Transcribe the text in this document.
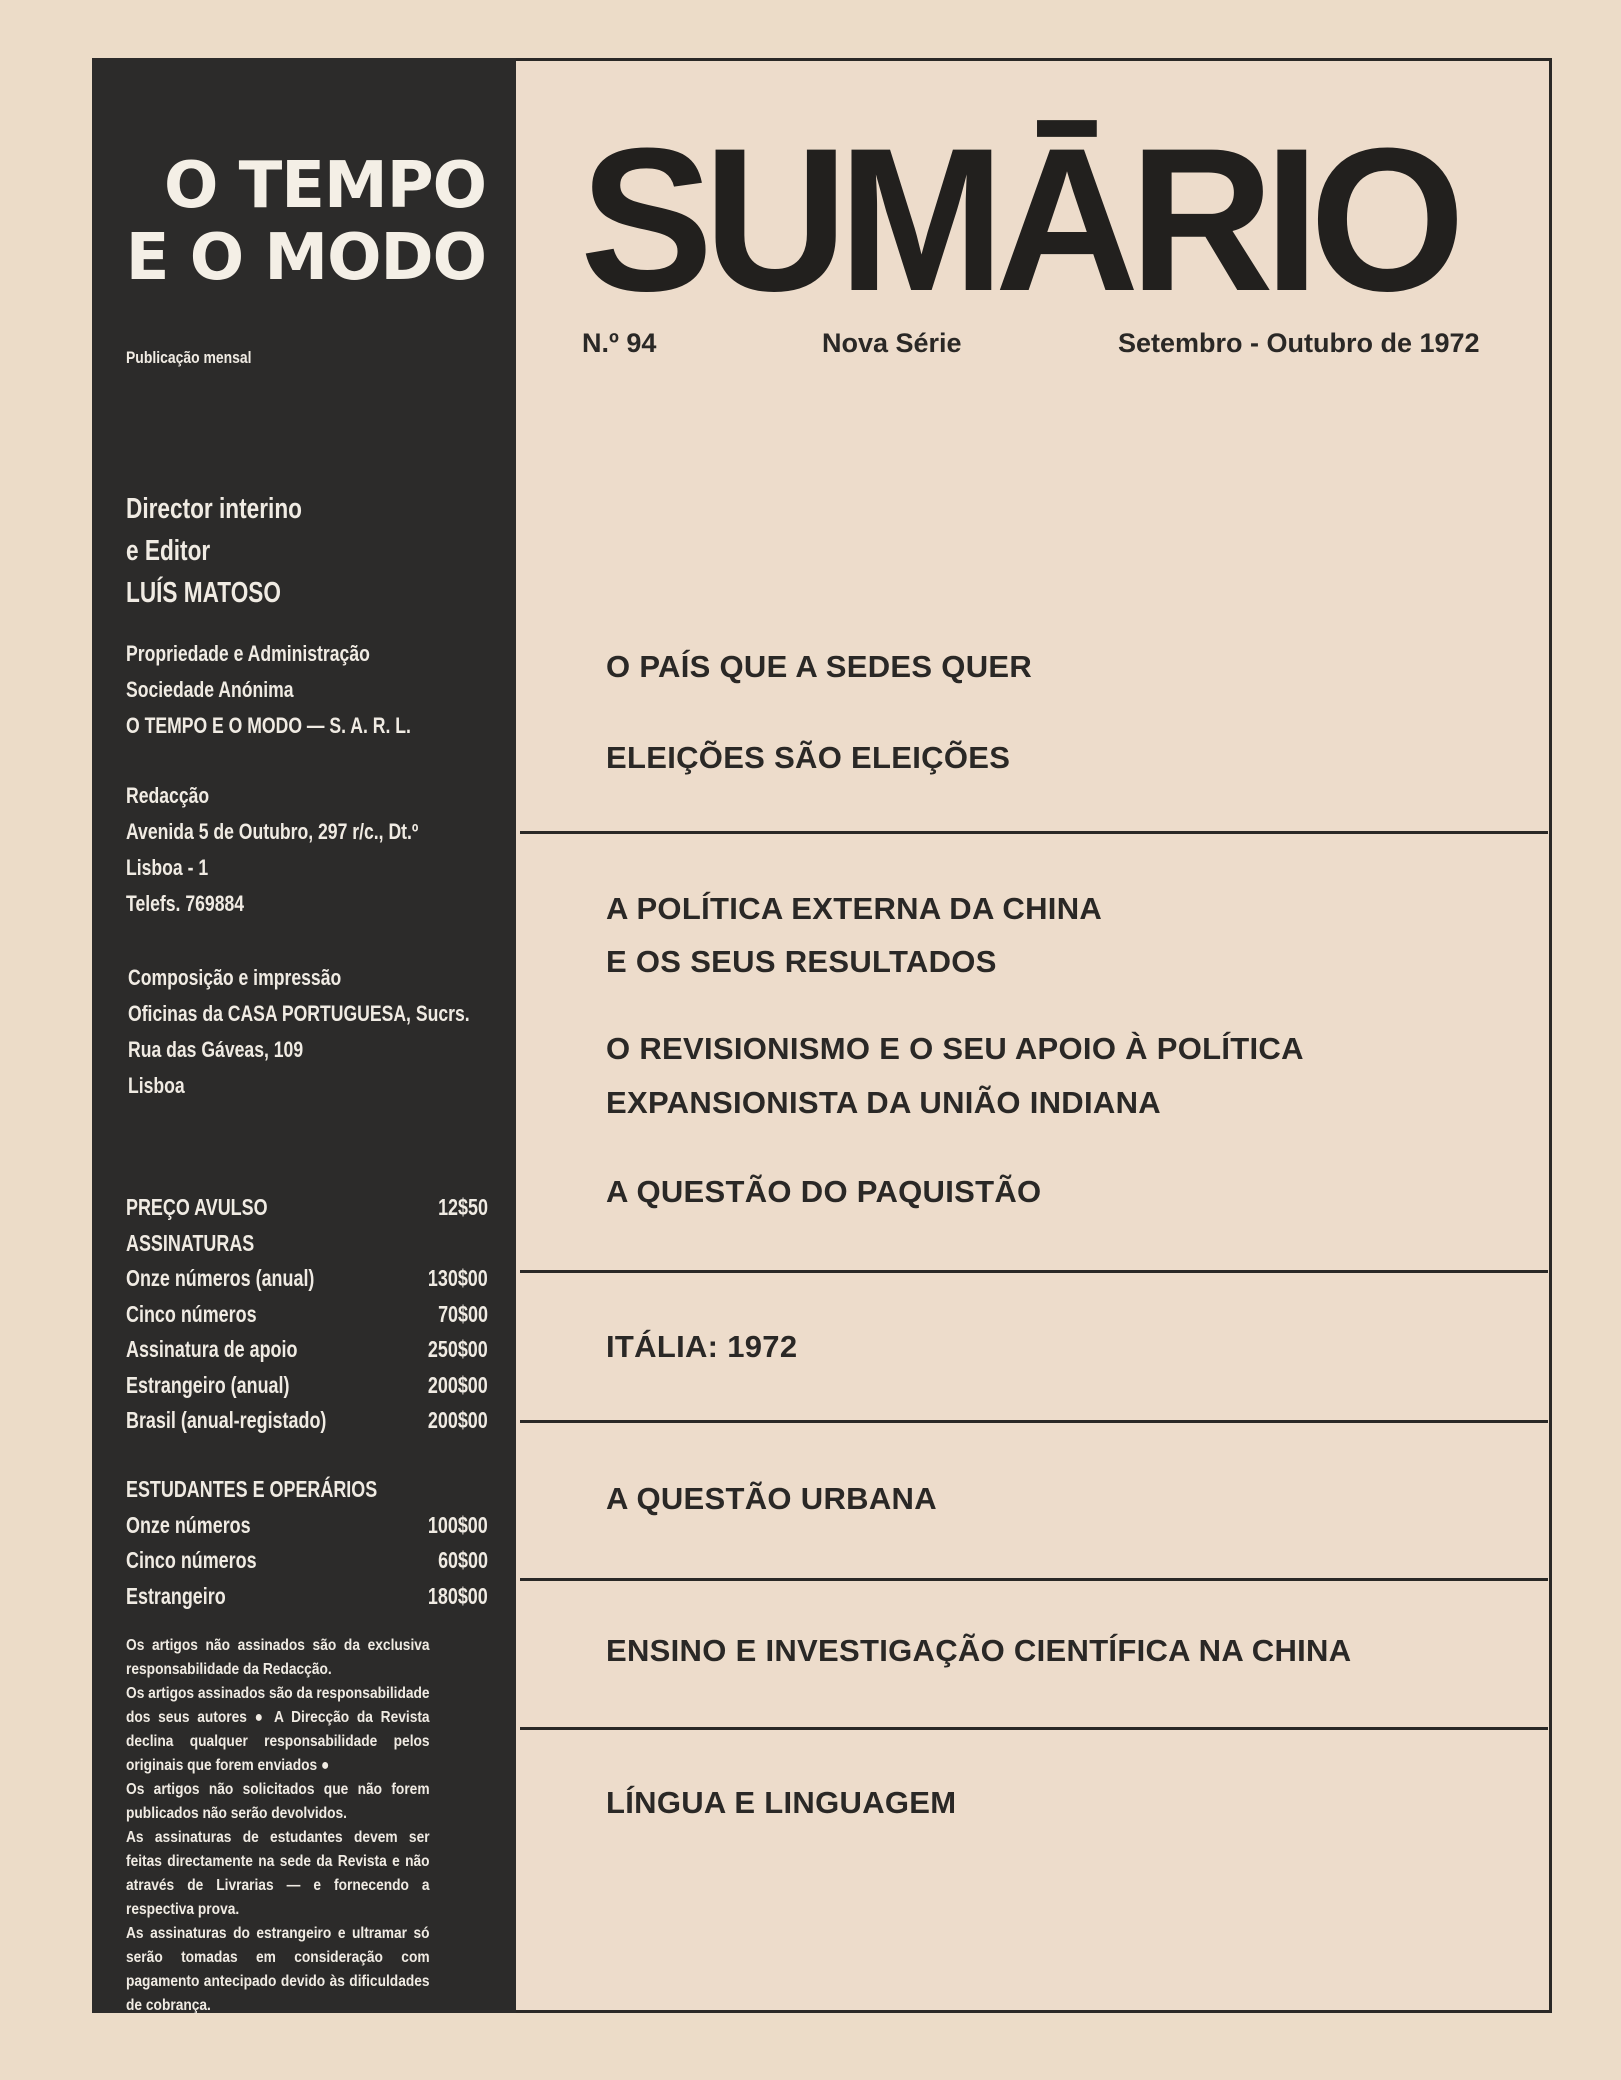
O TEMPO
E O MODO
Publicação mensal
Director interino
e Editor
LUÍS MATOSO
Propriedade e Administração
Sociedade Anónima
O TEMPO E O MODO — S. A. R. L.
Redacção
Avenida 5 de Outubro, 297 r/c., Dt.º
Lisboa - 1
Telefs. 769884
Composição e impressão
Oficinas da CASA PORTUGUESA, Sucrs.
Rua das Gáveas, 109
Lisboa
PREÇO AVULSO	12$50
ASSINATURAS
Onze números (anual)	130$00
Cinco números	70$00
Assinatura de apoio	250$00
Estrangeiro (anual)	200$00
Brasil (anual-registado)	200$00
ESTUDANTES E OPERÁRIOS
Onze números	100$00
Cinco números	60$00
Estrangeiro	180$00
Os artigos não assinados são da exclusiva responsabilidade da Redacção.
Os artigos assinados são da responsabilidade dos seus autores ● A Direcção da Revista declina qualquer responsabilidade pelos originais que forem enviados ●
Os artigos não solicitados que não forem publicados não serão devolvidos.
As assinaturas de estudantes devem ser feitas directamente na sede da Revista e não através de Livrarias — e fornecendo a respectiva prova.
As assinaturas do estrangeiro e ultramar só serão tomadas em consideração com pagamento antecipado devido às dificuldades de cobrança.
SUMĀRIO
N.º 94	Nova Série	Setembro - Outubro de 1972
O PAÍS QUE A SEDES QUER
ELEIÇÕES SÃO ELEIÇÕES
A POLÍTICA EXTERNA DA CHINA
E OS SEUS RESULTADOS
O REVISIONISMO E O SEU APOIO À POLÍTICA
EXPANSIONISTA DA UNIÃO INDIANA
A QUESTÃO DO PAQUISTÃO
ITÁLIA: 1972
A QUESTÃO URBANA
ENSINO E INVESTIGAÇÃO CIENTÍFICA NA CHINA
LÍNGUA E LINGUAGEM
